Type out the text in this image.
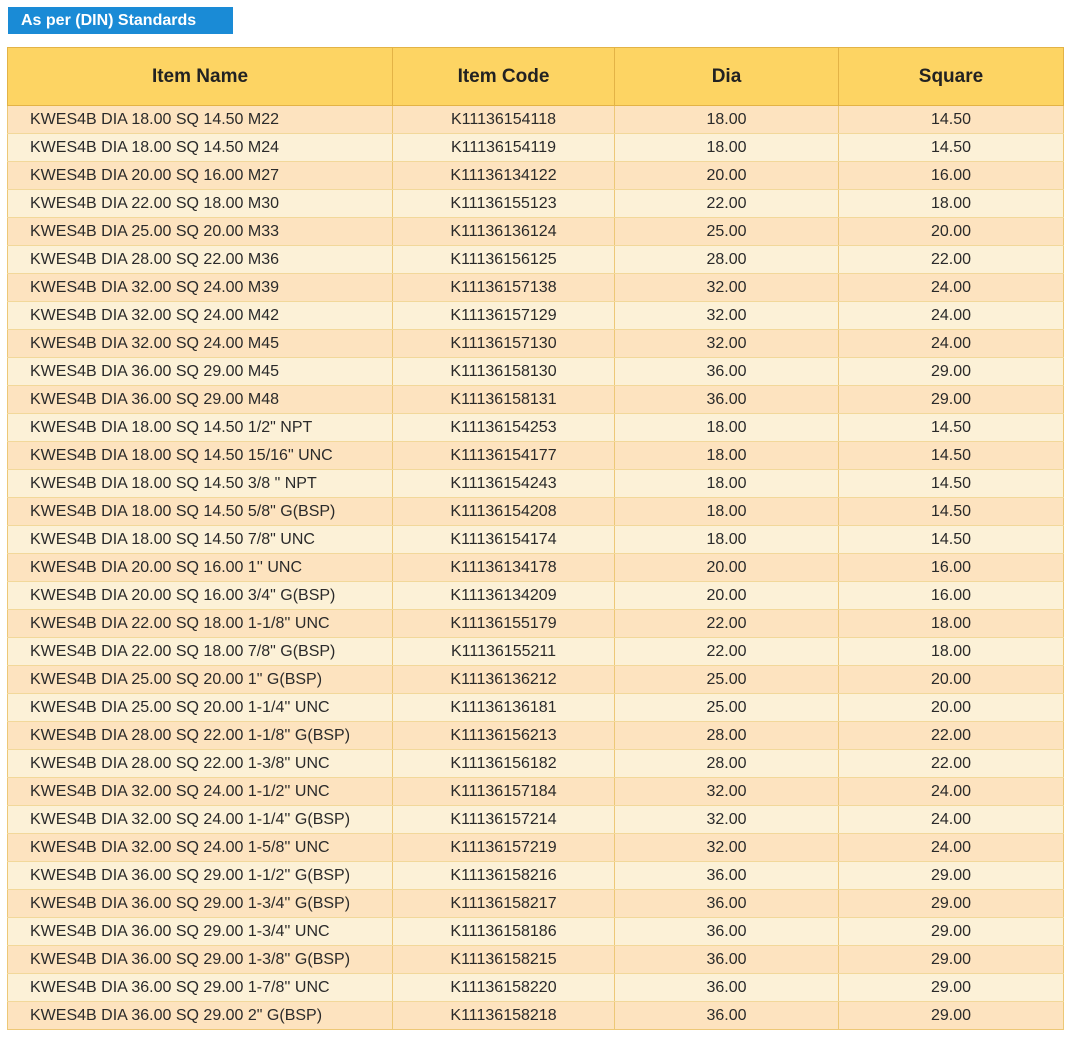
As per (DIN) Standards
Item Name	Item Code	Dia	Square
KWES4B DIA 18.00 SQ 14.50 M22	K11136154118	18.00	14.50
KWES4B DIA 18.00 SQ 14.50 M24	K11136154119	18.00	14.50
KWES4B DIA 20.00 SQ 16.00 M27	K11136134122	20.00	16.00
KWES4B DIA 22.00 SQ 18.00 M30	K11136155123	22.00	18.00
KWES4B DIA 25.00 SQ 20.00 M33	K11136136124	25.00	20.00
KWES4B DIA 28.00 SQ 22.00 M36	K11136156125	28.00	22.00
KWES4B DIA 32.00 SQ 24.00 M39	K11136157138	32.00	24.00
KWES4B DIA 32.00 SQ 24.00 M42	K11136157129	32.00	24.00
KWES4B DIA 32.00 SQ 24.00 M45	K11136157130	32.00	24.00
KWES4B DIA 36.00 SQ 29.00 M45	K11136158130	36.00	29.00
KWES4B DIA 36.00 SQ 29.00 M48	K11136158131	36.00	29.00
KWES4B DIA 18.00 SQ 14.50 1/2" NPT	K11136154253	18.00	14.50
KWES4B DIA 18.00 SQ 14.50 15/16" UNC	K11136154177	18.00	14.50
KWES4B DIA 18.00 SQ 14.50 3/8 " NPT	K11136154243	18.00	14.50
KWES4B DIA 18.00 SQ 14.50 5/8" G(BSP)	K11136154208	18.00	14.50
KWES4B DIA 18.00 SQ 14.50 7/8" UNC	K11136154174	18.00	14.50
KWES4B DIA 20.00 SQ 16.00 1'' UNC	K11136134178	20.00	16.00
KWES4B DIA 20.00 SQ 16.00 3/4" G(BSP)	K11136134209	20.00	16.00
KWES4B DIA 22.00 SQ 18.00 1-1/8'' UNC	K11136155179	22.00	18.00
KWES4B DIA 22.00 SQ 18.00 7/8" G(BSP)	K11136155211	22.00	18.00
KWES4B DIA 25.00 SQ 20.00 1" G(BSP)	K11136136212	25.00	20.00
KWES4B DIA 25.00 SQ 20.00 1-1/4'' UNC	K11136136181	25.00	20.00
KWES4B DIA 28.00 SQ 22.00 1-1/8'' G(BSP)	K11136156213	28.00	22.00
KWES4B DIA 28.00 SQ 22.00 1-3/8'' UNC	K11136156182	28.00	22.00
KWES4B DIA 32.00 SQ 24.00 1-1/2'' UNC	K11136157184	32.00	24.00
KWES4B DIA 32.00 SQ 24.00 1-1/4'' G(BSP)	K11136157214	32.00	24.00
KWES4B DIA 32.00 SQ 24.00 1-5/8'' UNC	K11136157219	32.00	24.00
KWES4B DIA 36.00 SQ 29.00 1-1/2'' G(BSP)	K11136158216	36.00	29.00
KWES4B DIA 36.00 SQ 29.00 1-3/4'' G(BSP)	K11136158217	36.00	29.00
KWES4B DIA 36.00 SQ 29.00 1-3/4'' UNC	K11136158186	36.00	29.00
KWES4B DIA 36.00 SQ 29.00 1-3/8'' G(BSP)	K11136158215	36.00	29.00
KWES4B DIA 36.00 SQ 29.00 1-7/8'' UNC	K11136158220	36.00	29.00
KWES4B DIA 36.00 SQ 29.00 2" G(BSP)	K11136158218	36.00	29.00
